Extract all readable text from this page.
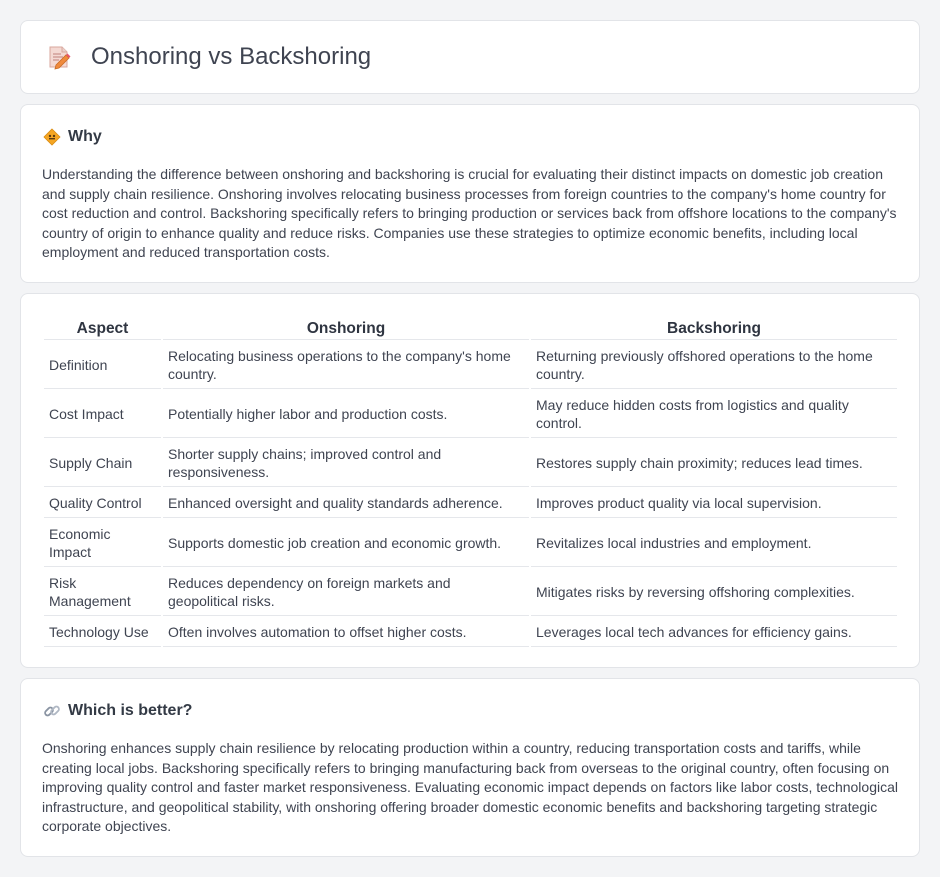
Onshoring vs Backshoring
Why

Understanding the difference between onshoring and backshoring is crucial for evaluating their distinct impacts on domestic job creation and supply chain resilience. Onshoring involves relocating business processes from foreign countries to the company's home country for cost reduction and control. Backshoring specifically refers to bringing production or services back from offshore locations to the company's country of origin to enhance quality and reduce risks. Companies use these strategies to optimize economic benefits, including local employment and reduced transportation costs.

Aspect	Onshoring	Backshoring
Definition	Relocating business operations to the company's home country.	Returning previously offshored operations to the home country.
Cost Impact	Potentially higher labor and production costs.	May reduce hidden costs from logistics and quality control.
Supply Chain	Shorter supply chains; improved control and responsiveness.	Restores supply chain proximity; reduces lead times.
Quality Control	Enhanced oversight and quality standards adherence.	Improves product quality via local supervision.
Economic Impact	Supports domestic job creation and economic growth.	Revitalizes local industries and employment.
Risk Management	Reduces dependency on foreign markets and geopolitical risks.	Mitigates risks by reversing offshoring complexities.
Technology Use	Often involves automation to offset higher costs.	Leverages local tech advances for efficiency gains.
Which is better?

Onshoring enhances supply chain resilience by relocating production within a country, reducing transportation costs and tariffs, while creating local jobs. Backshoring specifically refers to bringing manufacturing back from overseas to the original country, often focusing on improving quality control and faster market responsiveness. Evaluating economic impact depends on factors like labor costs, technological infrastructure, and geopolitical stability, with onshoring offering broader domestic economic benefits and backshoring targeting strategic corporate objectives.
